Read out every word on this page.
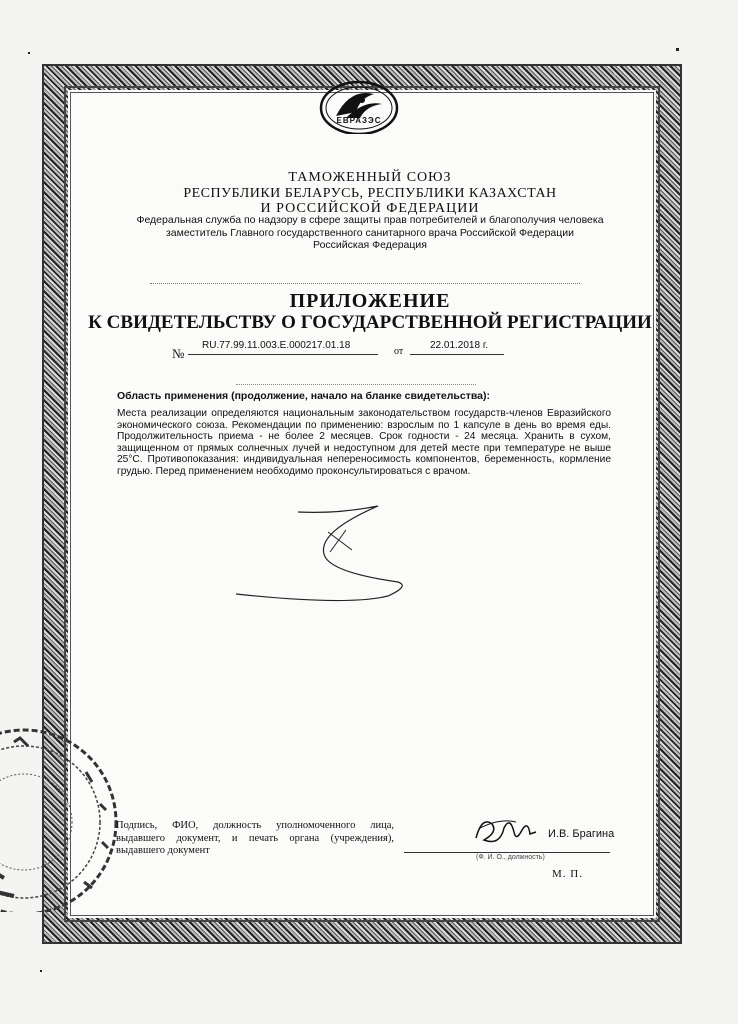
ЕВРАЗЭС
ТАМОЖЕННЫЙ СОЮЗ
РЕСПУБЛИКИ БЕЛАРУСЬ, РЕСПУБЛИКИ КАЗАХСТАН
И РОССИЙСКОЙ ФЕДЕРАЦИИ
Федеральная служба по надзору в сфере защиты прав потребителей и благополучия человека
заместитель Главного государственного санитарного врача Российской Федерации
Российская Федерация
ПРИЛОЖЕНИЕ
К СВИДЕТЕЛЬСТВУ О ГОСУДАРСТВЕННОЙ РЕГИСТРАЦИИ
№
RU.77.99.11.003.E.000217.01.18
от
22.01.2018 г.
Область применения (продолжение, начало на бланке свидетельства):
Места реализации определяются национальным законодательством государств-членов Евразийского экономического союза. Рекомендации по применению: взрослым по 1 капсуле в день во время еды. Продолжительность приема - не более 2 месяцев. Срок годности - 24 месяца. Хранить в сухом, защищенном от прямых солнечных лучей и недоступном для детей месте при температуре не выше 25°С. Противопоказания: индивидуальная непереносимость компонентов, беременность, кормление грудью. Перед применением необходимо проконсультироваться с врачом.
Подпись, ФИО, должность уполномоченного лица, выдавшего документ, и печать органа (учреждения), выдавшего документ
И.В. Брагина
(Ф. И. О., должность)
М. П.
